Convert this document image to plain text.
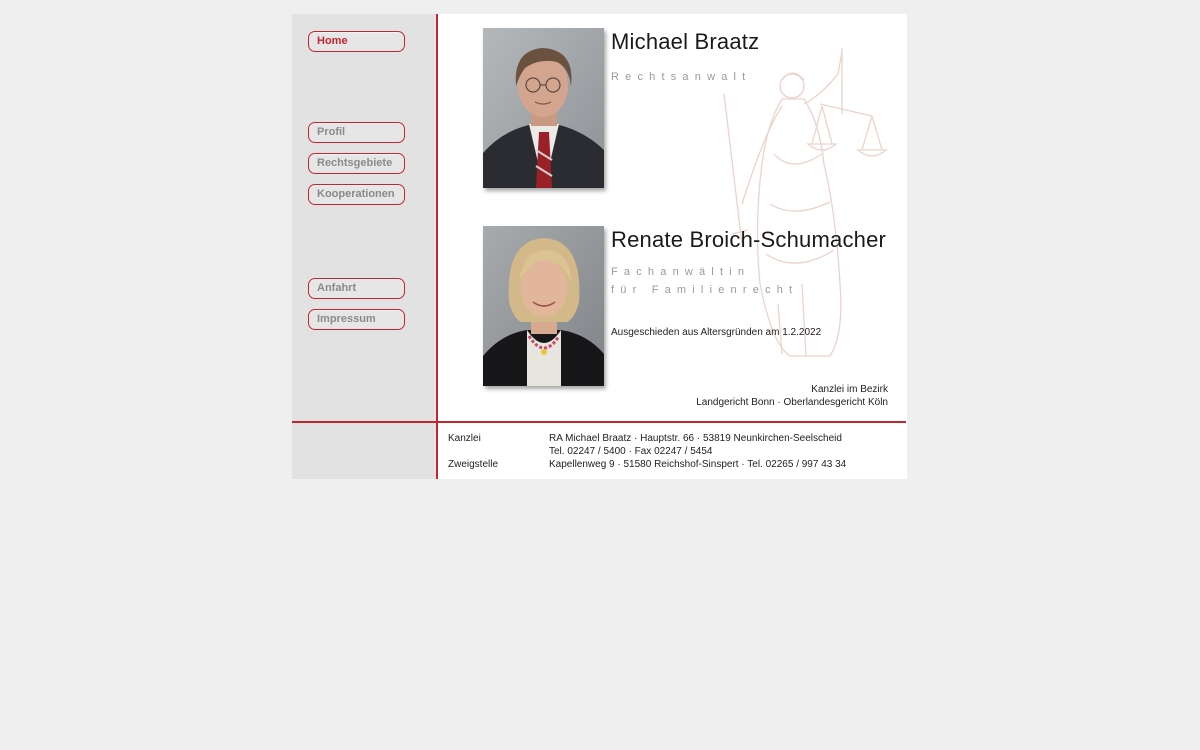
Home
Profil
Rechtsgebiete
Kooperationen
Anfahrt
Impressum
Michael Braatz
Rechtsanwalt
Renate Broich-Schumacher
Fachanwältin
für Familienrecht
Ausgeschieden aus Altersgründen am 1.2.2022
Kanzlei im Bezirk
Landgericht Bonn · Oberlandesgericht Köln
Kanzlei	RA Michael Braatz · Hauptstr. 66 · 53819 Neunkirchen-Seelscheid
Tel. 02247 / 5400 · Fax 02247 / 5454
Zweigstelle	Kapellenweg 9 · 51580 Reichshof-Sinspert · Tel. 02265 / 997 43 34
